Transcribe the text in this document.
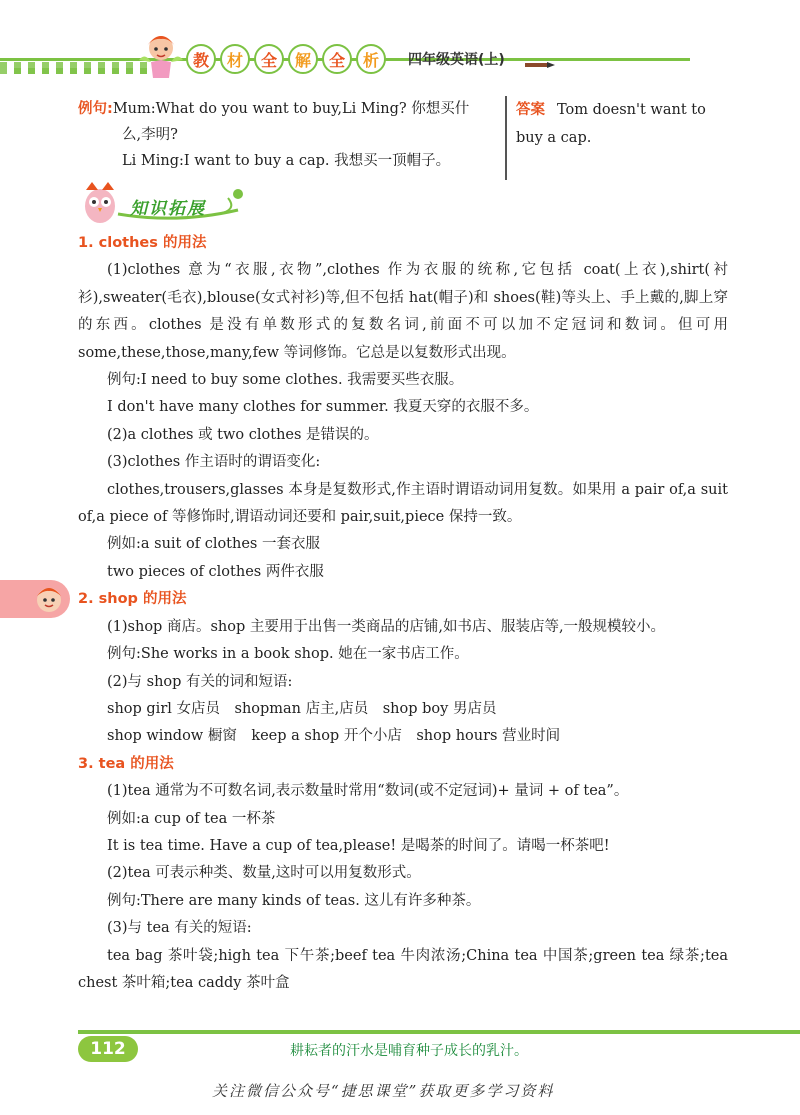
教	材	全	解	全	析	四年级英语(上)
例句:Mum:What do you want to buy,Li Ming? 你想买什
么,李明?
Li Ming:I want to buy a cap. 我想买一顶帽子。
答案 Tom doesn't want to buy a cap.
知识拓展

1. clothes 的用法

(1)clothes 意为“衣服,衣物”,clothes 作为衣服的统称,它包括 coat(上衣),shirt(衬衫),sweater(毛衣),blouse(女式衬衫)等,但不包括 hat(帽子)和 shoes(鞋)等头上、手上戴的,脚上穿的东西。clothes 是没有单数形式的复数名词,前面不可以加不定冠词和数词。但可用 some,these,those,many,few 等词修饰。它总是以复数形式出现。

例句:I need to buy some clothes. 我需要买些衣服。

I don't have many clothes for summer. 我夏天穿的衣服不多。

(2)a clothes 或 two clothes 是错误的。

(3)clothes 作主语时的谓语变化:

clothes,trousers,glasses 本身是复数形式,作主语时谓语动词用复数。如果用 a pair of,a suit of,a piece of 等修饰时,谓语动词还要和 pair,suit,piece 保持一致。

例如:a suit of clothes 一套衣服

two pieces of clothes 两件衣服

2. shop 的用法

(1)shop 商店。shop 主要用于出售一类商品的店铺,如书店、服装店等,一般规模较小。

例句:She works in a book shop. 她在一家书店工作。

(2)与 shop 有关的词和短语:

shop girl 女店员　shopman 店主,店员　shop boy 男店员

shop window 橱窗　keep a shop 开个小店　shop hours 营业时间

3. tea 的用法

(1)tea 通常为不可数名词,表示数量时常用“数词(或不定冠词)+ 量词 + of tea”。

例如:a cup of tea 一杯茶

It is tea time. Have a cup of tea,please! 是喝茶的时间了。请喝一杯茶吧!

(2)tea 可表示种类、数量,这时可以用复数形式。

例句:There are many kinds of teas. 这儿有许多种茶。

(3)与 tea 有关的短语:

tea bag 茶叶袋;high tea 下午茶;beef tea 牛肉浓汤;China tea 中国茶;green tea 绿茶;tea chest 茶叶箱;tea caddy 茶叶盒

112	耕耘者的汗水是哺育种子成长的乳汁。
关注微信公众号“捷思课堂”获取更多学习资料
